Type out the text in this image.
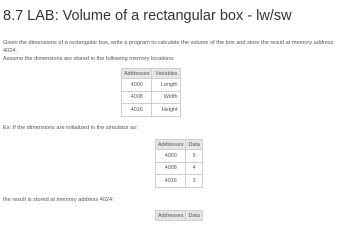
8.7 LAB: Volume of a rectangular box - lw/sw
Given the dimensions of a rectangular box, write a program to calculate the volume of the box and store the result at memory address
4024.
Assume the dimensions are stored in the following memory locations:
Addresses	Variables
4000	Length
4008	Width
4016	Height
Ex: If the dimensions are initialized in the simulator as:
Addresses	Data
4000	5
4008	4
4016	3
the result is stored at memory address 4024:
Addresses	Data
